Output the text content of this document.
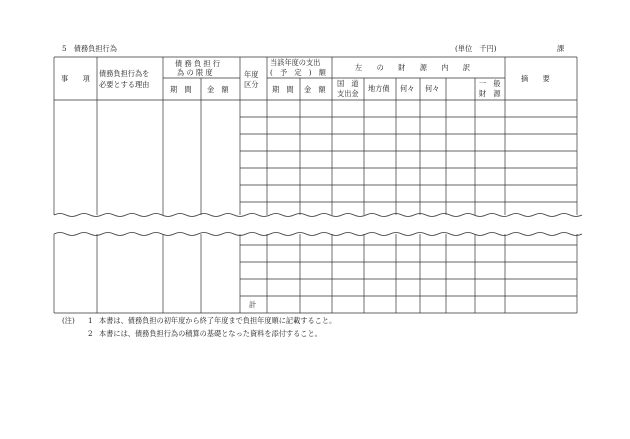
5　債務負担行為	(単位　千円)	課
事　　項
債務負担行為を
必要とする理由
債 務 負 担 行
為 の 限 度
期　間 金　額
年度
区分
当該年度の支出
(　予　定　)　額
期　間 金　額
左　　の　　財　　源　　内　　訳
国　道
支出金
地方債 何々 何々
一　般
財　源
摘　　要
計
(注) 1 本書は、債務負担の初年度から終了年度まで負担年度順に記載すること。
2 本書には、債務負担行為の積算の基礎となった資料を添付すること。
